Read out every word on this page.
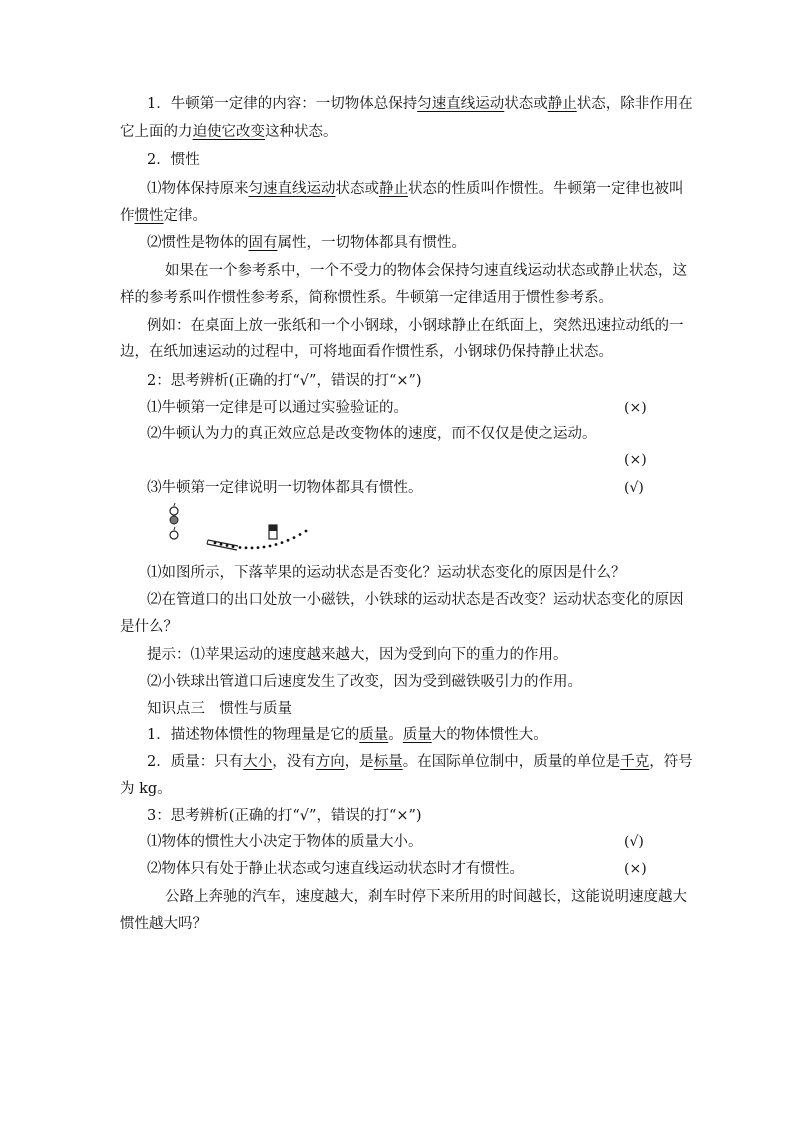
1．牛顿第一定律的内容：一切物体总保持匀速直线运动状态或静止状态，除非作用在
它上面的力迫使它改变这种状态。
2．惯性
⑴物体保持原来匀速直线运动状态或静止状态的性质叫作惯性。牛顿第一定律也被叫
作惯性定律。
⑵惯性是物体的固有属性，一切物体都具有惯性。
如果在一个参考系中，一个不受力的物体会保持匀速直线运动状态或静止状态，这
样的参考系叫作惯性参考系，简称惯性系。牛顿第一定律适用于惯性参考系。
例如：在桌面上放一张纸和一个小钢球，小钢球静止在纸面上，突然迅速拉动纸的一
边，在纸加速运动的过程中，可将地面看作惯性系，小钢球仍保持静止状态。
2：思考辨析(正确的打“√”，错误的打“×”)
⑴牛顿第一定律是可以通过实验验证的。	(×)
⑵牛顿认为力的真正效应总是改变物体的速度，而不仅仅是使之运动。
(×)
⑶牛顿第一定律说明一切物体都具有惯性。	(√)
⑴如图所示，下落苹果的运动状态是否变化？运动状态变化的原因是什么？
⑵在管道口的出口处放一小磁铁，小铁球的运动状态是否改变？运动状态变化的原因
是什么？
提示：⑴苹果运动的速度越来越大，因为受到向下的重力的作用。
⑵小铁球出管道口后速度发生了改变，因为受到磁铁吸引力的作用。
知识点三　惯性与质量
1．描述物体惯性的物理量是它的质量。质量大的物体惯性大。
2．质量：只有大小，没有方向，是标量。在国际单位制中，质量的单位是千克，符号
为 kg。
3：思考辨析(正确的打“√”，错误的打“×”)
⑴物体的惯性大小决定于物体的质量大小。	(√)
⑵物体只有处于静止状态或匀速直线运动状态时才有惯性。	(×)
公路上奔驰的汽车，速度越大，刹车时停下来所用的时间越长，这能说明速度越大
惯性越大吗？
